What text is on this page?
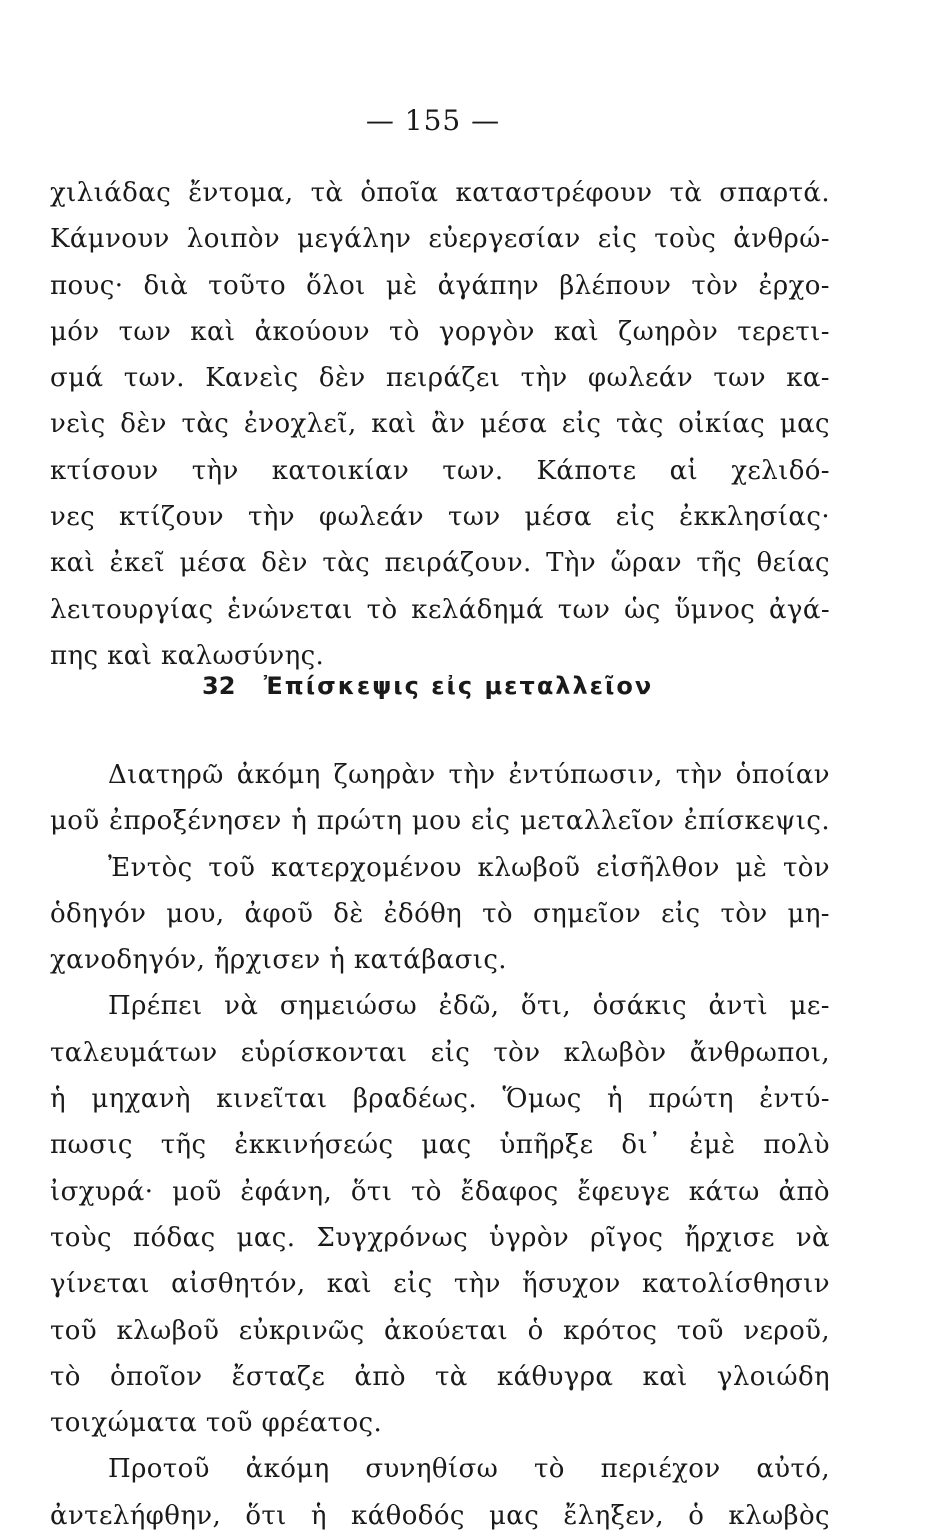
— 155 —
χιλιάδας ἔντομα, τὰ ὁποῖα καταστρέφουν τὰ σπαρτά.
Κάμνουν λοιπὸν μεγάλην εὐεργεσίαν εἰς τοὺς ἀνθρώ-
πους· διὰ τοῦτο ὅλοι μὲ ἀγάπην βλέπουν τὸν ἐρχο-
μόν των καὶ ἀκούουν τὸ γοργὸν καὶ ζωηρὸν τερετι-
σμά των. Κανεὶς δὲν πειράζει τὴν φωλεάν των κα-
νεὶς δὲν τὰς ἐνοχλεῖ, καὶ ἂν μέσα εἰς τὰς οἰκίας μας
κτίσουν τὴν κατοικίαν των. Κάποτε αἱ χελιδό-
νες κτίζουν τὴν φωλεάν των μέσα εἰς ἐκκλησίας·
καὶ ἐκεῖ μέσα δὲν τὰς πειράζουν. Τὴν ὥραν τῆς θείας
λειτουργίας ἑνώνεται τὸ κελάδημά των ὡς ὕμνος ἀγά-
πης καὶ καλωσύνης.
32 Ἐπίσκεψις εἰς μεταλλεῖον
Διατηρῶ ἀκόμη ζωηρὰν τὴν ἐντύπωσιν, τὴν ὁποίαν
μοῦ ἐπροξένησεν ἡ πρώτη μου εἰς μεταλλεῖον ἐπίσκεψις.
Ἐντὸς τοῦ κατερχομένου κλωβοῦ εἰσῆλθον μὲ τὸν
ὁδηγόν μου, ἀφοῦ δὲ ἐδόθη τὸ σημεῖον εἰς τὸν μη-
χανοδηγόν, ἤρχισεν ἡ κατάβασις.
Πρέπει νὰ σημειώσω ἐδῶ, ὅτι, ὁσάκις ἀντὶ με-
ταλευμάτων εὑρίσκονται εἰς τὸν κλωβὸν ἄνθρωποι,
ἡ μηχανὴ κινεῖται βραδέως. Ὅμως ἡ πρώτη ἐντύ-
πωσις τῆς ἐκκινήσεώς μας ὑπῆρξε δι᾿ ἐμὲ πολὺ
ἰσχυρά· μοῦ ἐφάνη, ὅτι τὸ ἔδαφος ἔφευγε κάτω ἀπὸ
τοὺς πόδας μας. Συγχρόνως ὑγρὸν ρῖγος ἤρχισε νὰ
γίνεται αἰσθητόν, καὶ εἰς τὴν ἥσυχον κατολίσθησιν
τοῦ κλωβοῦ εὐκρινῶς ἀκούεται ὁ κρότος τοῦ νεροῦ,
τὸ ὁποῖον ἔσταζε ἀπὸ τὰ κάθυγρα καὶ γλοιώδη
τοιχώματα τοῦ φρέατος.
Προτοῦ ἀκόμη συνηθίσω τὸ περιέχον αὐτό,
ἀντελήφθην, ὅτι ἡ κάθοδός μας ἔληξεν, ὁ κλωβὸς
